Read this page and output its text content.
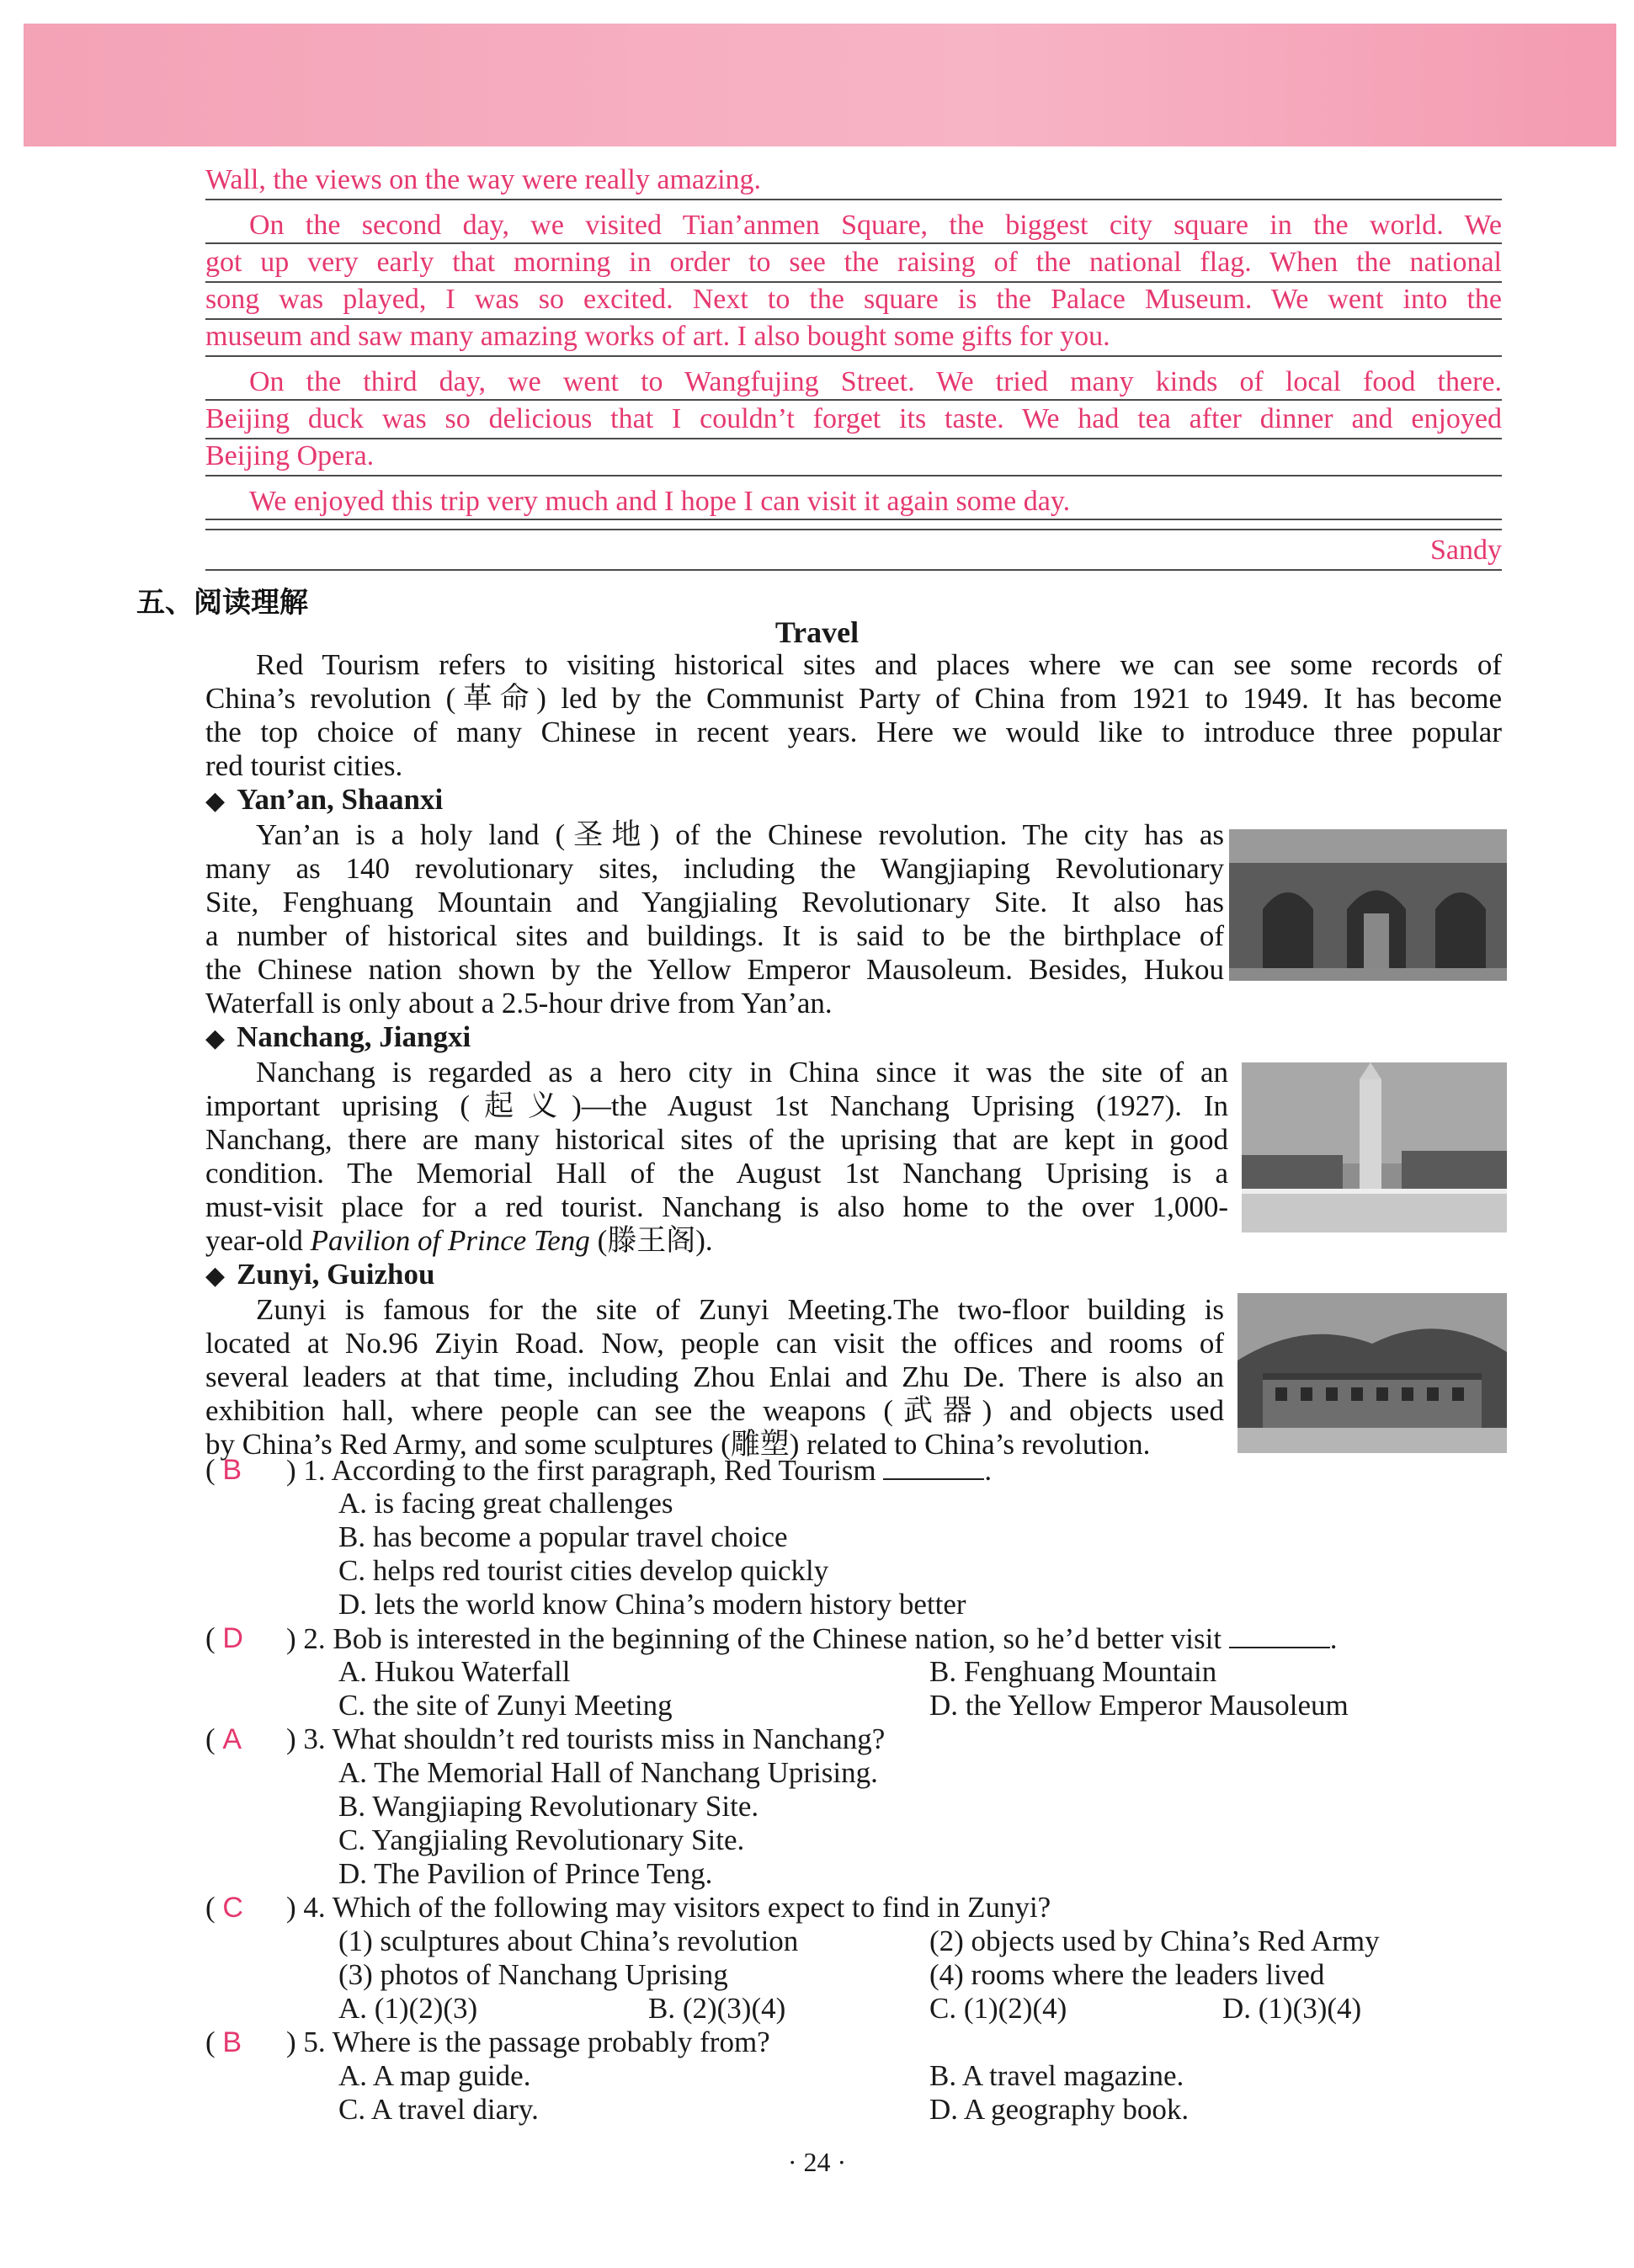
Wall, the views on the way were really amazing.
On the second day, we visited Tian’anmen Square, the biggest city square in the world. We
got up very early that morning in order to see the raising of the national flag. When the national
song was played, I was so excited. Next to the square is the Palace Museum. We went into the
museum and saw many amazing works of art. I also bought some gifts for you.
On the third day, we went to Wangfujing Street. We tried many kinds of local food there.
Beijing duck was so delicious that I couldn’t forget its taste. We had tea after dinner and enjoyed
Beijing Opera.
We enjoyed this trip very much and I hope I can visit it again some day.
Sandy
五、阅读理解
Travel
Red Tourism refers to visiting historical sites and places where we can see some records of
China’s revolution (革命) led by the Communist Party of China from 1921 to 1949. It has become
the top choice of many Chinese in recent years. Here we would like to introduce three popular
red tourist cities.
◆ Yan’an, Shaanxi
Yan’an is a holy land (圣地) of the Chinese revolution. The city has as
many as 140 revolutionary sites, including the Wangjiaping Revolutionary
Site, Fenghuang Mountain and Yangjialing Revolutionary Site. It also has
a number of historical sites and buildings. It is said to be the birthplace of
the Chinese nation shown by the Yellow Emperor Mausoleum. Besides, Hukou
Waterfall is only about a 2.5-hour drive from Yan’an.
◆ Nanchang, Jiangxi
Nanchang is regarded as a hero city in China since it was the site of an
important uprising (起义)—the August 1st Nanchang Uprising (1927). In
Nanchang, there are many historical sites of the uprising that are kept in good
condition. The Memorial Hall of the August 1st Nanchang Uprising is a
must-visit place for a red tourist. Nanchang is also home to the over 1,000-
year-old Pavilion of Prince Teng (滕王阁).
◆ Zunyi, Guizhou
Zunyi is famous for the site of Zunyi Meeting.The two-floor building is
located at No.96 Ziyin Road. Now, people can visit the offices and rooms of
several leaders at that time, including Zhou Enlai and Zhu De. There is also an
exhibition hall, where people can see the weapons (武器) and objects used
by China’s Red Army, and some sculptures (雕塑) related to China’s revolution.
( B ) 1. According to the first paragraph, Red Tourism	.
A. is facing great challenges
B. has become a popular travel choice
C. helps red tourist cities develop quickly
D. lets the world know China’s modern history better
( D ) 2. Bob is interested in the beginning of the Chinese nation, so he’d better visit	.
A. Hukou Waterfall	B. Fenghuang Mountain
C. the site of Zunyi Meeting	D. the Yellow Emperor Mausoleum
( A ) 3. What shouldn’t red tourists miss in Nanchang?
A. The Memorial Hall of Nanchang Uprising.
B. Wangjiaping Revolutionary Site.
C. Yangjialing Revolutionary Site.
D. The Pavilion of Prince Teng.
( C ) 4. Which of the following may visitors expect to find in Zunyi?
(1) sculptures about China’s revolution	(2) objects used by China’s Red Army
(3) photos of Nanchang Uprising	(4) rooms where the leaders lived
A. (1)(2)(3)	B. (2)(3)(4)	C. (1)(2)(4)	D. (1)(3)(4)
( B ) 5. Where is the passage probably from?
A. A map guide.	B. A travel magazine.
C. A travel diary.	D. A geography book.
· 24 ·
